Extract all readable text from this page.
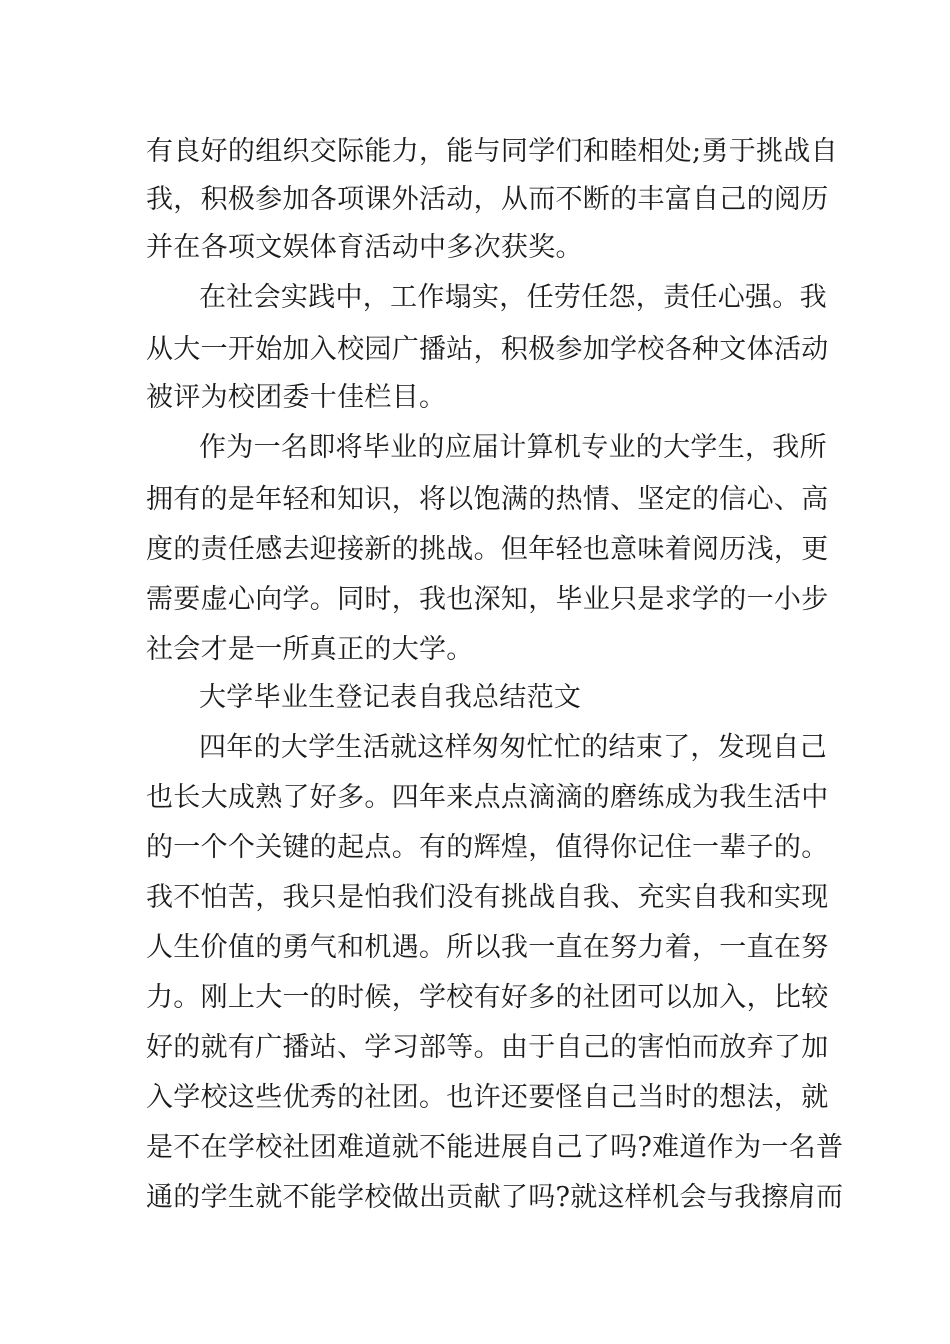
有良好的组织交际能力，能与同学们和睦相处;勇于挑战自
我，积极参加各项课外活动，从而不断的丰富自己的阅历
并在各项文娱体育活动中多次获奖。
在社会实践中，工作塌实，任劳任怨，责任心强。我
从大一开始加入校园广播站，积极参加学校各种文体活动
被评为校团委十佳栏目。
作为一名即将毕业的应届计算机专业的大学生，我所
拥有的是年轻和知识，将以饱满的热情、坚定的信心、高
度的责任感去迎接新的挑战。但年轻也意味着阅历浅，更
需要虚心向学。同时，我也深知，毕业只是求学的一小步
社会才是一所真正的大学。
大学毕业生登记表自我总结范文
四年的大学生活就这样匆匆忙忙的结束了，发现自己
也长大成熟了好多。四年来点点滴滴的磨练成为我生活中
的一个个关键的起点。有的辉煌，值得你记住一辈子的。
我不怕苦，我只是怕我们没有挑战自我、充实自我和实现
人生价值的勇气和机遇。所以我一直在努力着，一直在努
力。刚上大一的时候，学校有好多的社团可以加入，比较
好的就有广播站、学习部等。由于自己的害怕而放弃了加
入学校这些优秀的社团。也许还要怪自己当时的想法，就
是不在学校社团难道就不能进展自己了吗?难道作为一名普
通的学生就不能学校做出贡献了吗?就这样机会与我擦肩而
